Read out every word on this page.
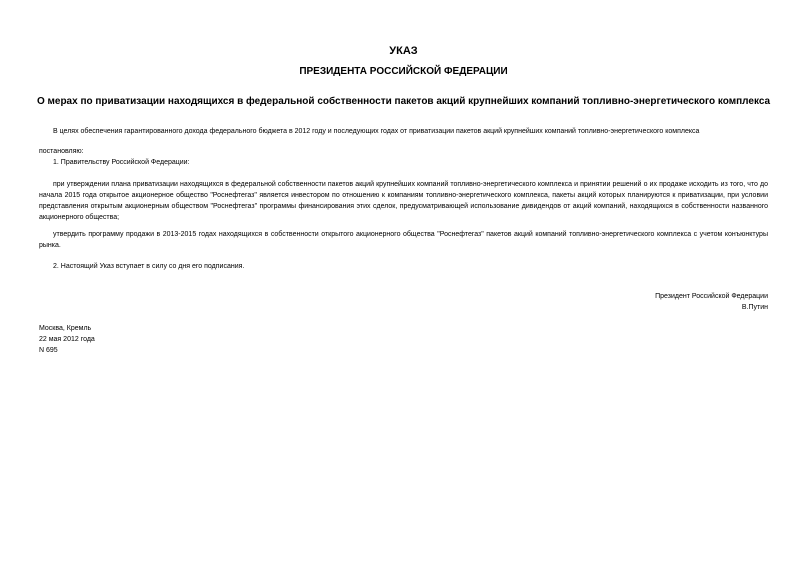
УКАЗ

ПРЕЗИДЕНТА РОССИЙСКОЙ ФЕДЕРАЦИИ

О мерах по приватизации находящихся в федеральной собственности пакетов акций крупнейших компаний топливно-энергетического комплекса

В целях обеспечения гарантированного дохода федерального бюджета в 2012 году и последующих годах от приватизации пакетов акций крупнейших компаний топливно-энергетического комплекса

постановляю:

1. Правительству Российской Федерации:

при утверждении плана приватизации находящихся в федеральной собственности пакетов акций крупнейших компаний топливно-энергетического комплекса и принятии решений о их продаже исходить из того, что до начала 2015 года открытое акционерное общество "Роснефтегаз" является инвестором по отношению к компаниям топливно-энергетического комплекса, пакеты акций которых планируются к приватизации, при условии представления открытым акционерным обществом "Роснефтегаз" программы финансирования этих сделок, предусматривающей использование дивидендов от акций компаний, находящихся в собственности названного акционерного общества;

утвердить программу продажи в 2013-2015 годах находящихся в собственности открытого акционерного общества "Роснефтегаз" пакетов акций компаний топливно-энергетического комплекса с учетом конъюнктуры рынка.

2. Настоящий Указ вступает в силу со дня его подписания.

Президент Российской Федерации
В.Путин
Москва, Кремль
22 мая 2012 года
N 695
